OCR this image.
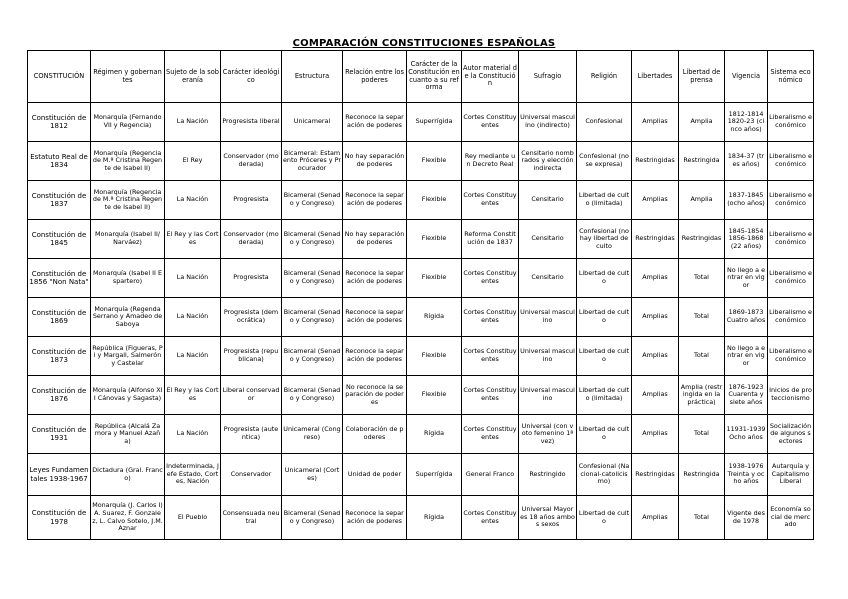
COMPARACIÓN CONSTITUCIONES ESPAÑOLAS
CONSTITUCIÓN	Régimen y gobernantes	Sujeto de la soberanía	Carácter ideológico	Estructura	Relación entre los poderes	Carácter de la Constitución en cuanto a su reforma	Autor material de la Constitución	Sufragio	Religión	Libertades	Libertad de prensa	Vigencia	Sistema económico
Constitución de 1812	Monarquía (Fernando VII y Regencia)	La Nación	Progresista liberal	Unicameral	Reconoce la separación de poderes	Superrígida	Cortes Constituyentes	Universal masculino (indirecto)	Confesional	Amplias	Amplia	1812-1814 1820-23 (cinco años)	Liberalismo económico
Estatuto Real de 1834	Monarquía (Regencia de M.ª Cristina Regente de Isabel II)	El Rey	Conservador (moderada)	Bicameral: Estamento Próceres y Procurador	No hay separación de poderes	Flexible	Rey mediante un Decreto Real	Censitario nombrados y elección indirecta	Confesional (no se expresa)	Restringidas	Restringida	1834-37 (tres años)	Liberalismo económico
Constitución de 1837	Monarquía (Regencia de M.ª Cristina Regente de Isabel II)	La Nación	Progresista	Bicameral (Senado y Congreso)	Reconoce la separación de poderes	Flexible	Cortes Constituyentes	Censitario	Libertad de culto (limitada)	Amplias	Amplia	1837-1845 (ocho años)	Liberalismo económico
Constitución de 1845	Monarquía (Isabel II/ Narváez)	El Rey y las Cortes	Conservador (moderada)	Bicameral (Senado y Congreso)	No hay separación de poderes	Flexible	Reforma Constitución de 1837	Censitario	Confesional (no hay libertad de culto	Restringidas	Restringidas	1845-1854 1856-1868 (22 años)	Liberalismo económico
Constitución de 1856 "Non Nata"	Monarquía (Isabel II Espartero)	La Nación	Progresista	Bicameral (Senado y Congreso)	Reconoce la separación de poderes	Flexible	Cortes Constituyentes	Censitario	Libertad de culto	Amplias	Total	No llego a entrar en vigor	Liberalismo económico
Constitución de 1869	Monarquía (Regenda Serrano y Amadeo de Saboya	La Nación	Progresista (democrática)	Bicameral (Senado y Congreso)	Reconoce la separación de poderes	Rígida	Cortes Constituyentes	Universal masculino	Libertad de culto	Amplias	Total	1869-1873 Cuatro años	Liberalismo económico
Constitución de 1873	República (Figueras, Pi y Margall, Salmerón y Castelar	La Nación	Progresista (republicana)	Bicameral (Senado y Congreso)	Reconoce la separación de poderes	Flexible	Cortes Constituyentes	Universal masculino	Libertad de culto	Amplias	Total	No llego a entrar en vigor	Liberalismo económico
Constitución de 1876	Monarquía (Alfonso XII Cánovas y Sagasta)	El Rey y las Cortes	Liberal conservador	Bicameral (Senado y Congreso)	No reconoce la separación de poderes	Flexible	Cortes Constituyentes	Universal masculino	Libertad de culto (limitada)	Amplias	Amplia (restringida en la práctica)	1876-1923 Cuarenta y siete años	Inicios de proteccionismo
Constitución de 1931	República (Alcalá Zamora y Manuel Azaña)	La Nación	Progresista (autentica)	Unicameral (Congreso)	Colaboración de poderes	Rígida	Cortes Constituyentes	Universal (con voto femenino 1ª vez)	Libertad de culto	Amplias	Total	11931-1939 Ocho años	Socialización de algunos sectores
Leyes Fundamentales 1938-1967	Dictadura (Gral. Franco)	Indeterminada, Jefe Estado, Cortes, Nación	Conservador	Unicameral (Cortes)	Unidad de poder	Superrígida	General Franco	Restringido	Confesional (Nacional-catolicismo)	Restringidas	Restringida	1938-1976 Treinta y ocho años	Autarquía y Capitalismo Liberal
Constitución de 1978	Monarquía (J. Carlos I) A. Suarez, F. Gonzalez, L. Calvo Sotelo, J.M. Aznar	El Pueblo	Consensuada neutral	Bicameral (Senado y Congreso)	Reconoce la separación de poderes	Rígida	Cortes Constituyentes	Universal Mayores 18 años ambos sexos	Libertad de culto	Amplias	Total	Vigente desde 1978	Economía social de mercado
